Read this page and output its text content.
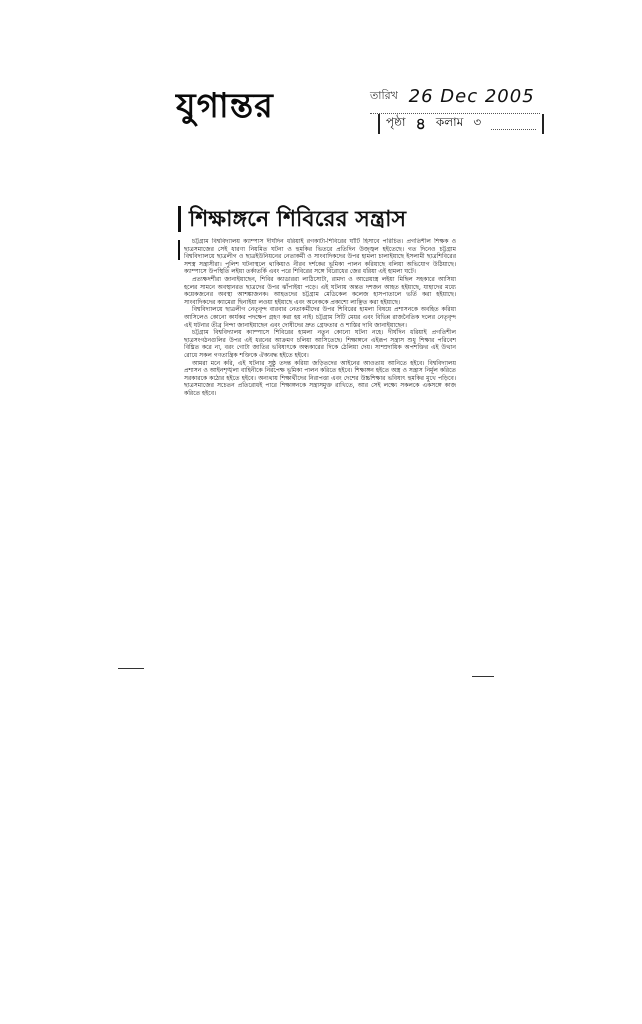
যুগান্তর	$^{তারিখ}$ 26 Dec 2005
পৃষ্ঠা ৪ কলাম ৩
শিক্ষাঙ্গনে শিবিরের সন্ত্রাস

চট্টগ্রাম বিশ্ববিদ্যালয় ক্যাম্পাস দীর্ঘদিন ধরিয়াই রগকাটা-শিবিরের ঘাঁটি হিসাবে পরিচিত। প্রগতিশীল শিক্ষক ও ছাত্রসমাজের সেই ধারণা নিয়মিত ঘটনা ও হুমকির ভিতরে প্রতিদিন উজ্জ্বল হইতেছে। গত দিনেও চট্টগ্রাম বিশ্ববিদ্যালয়ে ছাত্রলীগ ও ছাত্রইউনিয়নের নেতাকর্মী ও সাংবাদিকদের উপর হামলা চালাইয়াছে ইসলামী ছাত্রশিবিরের সশস্ত্র সন্ত্রাসীরা। পুলিশ ঘটনাস্থলে থাকিয়াও নীরব দর্শকের ভূমিকা পালন করিয়াছে বলিয়া অভিযোগ উঠিয়াছে। ক্যাম্পাসে উপস্থিতি লইয়া তর্কাতর্কি এবং পরে শিবিরের সঙ্গে বিরোধের জের ধরিয়া এই হামলা ঘটে।

প্রত্যক্ষদর্শীরা জানাইয়াছেন, শিবির ক্যাডাররা লাঠিসোটা, রামদা ও আগ্নেয়াস্ত্র লইয়া মিছিল সহকারে আসিয়া হলের সামনে অবস্থানরত ছাত্রদের উপর ঝাঁপাইয়া পড়ে। এই ঘটনায় অন্তত দশজন আহত হইয়াছে, যাহাদের মধ্যে কয়েকজনের অবস্থা আশঙ্কাজনক। আহতদের চট্টগ্রাম মেডিকেল কলেজ হাসপাতালে ভর্তি করা হইয়াছে। সাংবাদিকদের ক্যামেরা ছিনাইয়া লওয়া হইয়াছে এবং অনেককে প্রকাশ্যে লাঞ্ছিত করা হইয়াছে।

বিশ্ববিদ্যালয়ে ছাত্রলীগ নেতৃবৃন্দ বারবার নেতাকর্মীদের উপর শিবিরের হামলা বিষয়ে প্রশাসনকে অবহিত করিয়া আসিলেও কোনো কার্যকর পদক্ষেপ গ্রহণ করা হয় নাই। চট্টগ্রাম সিটি মেয়র এবং বিভিন্ন রাজনৈতিক দলের নেতৃবৃন্দ এই ঘটনার তীব্র নিন্দা জানাইয়াছেন এবং দোষীদের দ্রুত গ্রেফতার ও শাস্তির দাবি জানাইয়াছেন।

চট্টগ্রাম বিশ্ববিদ্যালয় ক্যাম্পাসে শিবিরের হামলা নতুন কোনো ঘটনা নহে। দীর্ঘদিন ধরিয়াই প্রগতিশীল ছাত্রসংগঠনগুলির উপর এই ধরনের আক্রমণ চলিয়া আসিতেছে। শিক্ষাঙ্গনে এইরূপ সন্ত্রাস শুধু শিক্ষার পরিবেশ বিঘ্নিত করে না, বরং গোটা জাতির ভবিষ্যৎকে অন্ধকারের দিকে ঠেলিয়া দেয়। সাম্প্রদায়িক অপশক্তির এই উত্থান রোধে সকল গণতান্ত্রিক শক্তিকে ঐক্যবদ্ধ হইতে হইবে।

আমরা মনে করি, এই ঘটনার সুষ্ঠু তদন্ত করিয়া জড়িতদের আইনের আওতায় আনিতে হইবে। বিশ্ববিদ্যালয় প্রশাসন ও আইনশৃঙ্খলা বাহিনীকে নিরপেক্ষ ভূমিকা পালন করিতে হইবে। শিক্ষাঙ্গন হইতে অস্ত্র ও সন্ত্রাস নির্মূল করিতে সরকারকে কঠোর হইতে হইবে। অন্যথায় শিক্ষার্থীদের নিরাপত্তা এবং দেশের উচ্চশিক্ষার ভবিষ্যৎ হুমকির মুখে পড়িবে। ছাত্রসমাজের সচেতন প্রতিরোধই পারে শিক্ষাঙ্গনকে সন্ত্রাসমুক্ত রাখিতে, আর সেই লক্ষ্যে সকলকে একসঙ্গে কাজ করিতে হইবে।
